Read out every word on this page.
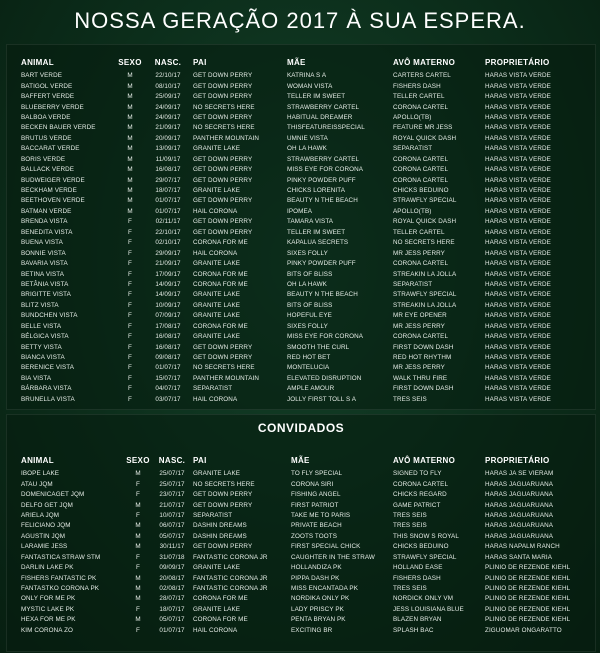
NOSSA GERAÇÃO 2017 À SUA ESPERA.
ANIMAL	SEXO	NASC.	PAI	MÃE	AVÔ MATERNO	PROPRIETÁRIO
BART VERDE	M	22/10/17	GET DOWN PERRY	KATRINA S A	CARTERS CARTEL	HARAS VISTA VERDE
BATIGOL VERDE	M	08/10/17	GET DOWN PERRY	WOMAN VISTA	FISHERS DASH	HARAS VISTA VERDE
BAFFERT VERDE	M	25/09/17	GET DOWN PERRY	TELLER IM SWEET	TELLER CARTEL	HARAS VISTA VERDE
BLUEBERRY VERDE	M	24/09/17	NO SECRETS HERE	STRAWBERRY CARTEL	CORONA CARTEL	HARAS VISTA VERDE
BALBOA VERDE	M	24/09/17	GET DOWN PERRY	HABITUAL DREAMER	APOLLO(TB)	HARAS VISTA VERDE
BECKEN BAUER VERDE	M	21/09/17	NO SECRETS HERE	THISFEATUREISSPECIAL	FEATURE MR JESS	HARAS VISTA VERDE
BRUTUS VERDE	M	20/09/17	PANTHER MOUNTAIN	UMNIE VISTA	ROYAL QUICK DASH	HARAS VISTA VERDE
BACCARAT VERDE	M	13/09/17	GRANITE LAKE	OH LA HAWK	SEPARATIST	HARAS VISTA VERDE
BORIS VERDE	M	11/09/17	GET DOWN PERRY	STRAWBERRY CARTEL	CORONA CARTEL	HARAS VISTA VERDE
BALLACK VERDE	M	16/08/17	GET DOWN PERRY	MISS EYE FOR CORONA	CORONA CARTEL	HARAS VISTA VERDE
BUDWEIGER VERDE	M	29/07/17	GET DOWN PERRY	PINKY POWDER PUFF	CORONA CARTEL	HARAS VISTA VERDE
BECKHAM VERDE	M	18/07/17	GRANITE LAKE	CHICKS LORENITA	CHICKS BEDUINO	HARAS VISTA VERDE
BEETHOVEN VERDE	M	01/07/17	GET DOWN PERRY	BEAUTY N THE BEACH	STRAWFLY SPECIAL	HARAS VISTA VERDE
BATMAN VERDE	M	01/07/17	HAIL CORONA	IPOMEA	APOLLO(TB)	HARAS VISTA VERDE
BRENDA VISTA	F	02/11/17	GET DOWN PERRY	TAMARA VISTA	ROYAL QUICK DASH	HARAS VISTA VERDE
BENEDITA VISTA	F	22/10/17	GET DOWN PERRY	TELLER IM SWEET	TELLER CARTEL	HARAS VISTA VERDE
BUENA VISTA	F	02/10/17	CORONA FOR ME	KAPALUA SECRETS	NO SECRETS HERE	HARAS VISTA VERDE
BONNIE VISTA	F	29/09/17	HAIL CORONA	SIXES FOLLY	MR JESS PERRY	HARAS VISTA VERDE
BAVARIA VISTA	F	21/09/17	GRANITE LAKE	PINKY POWDER PUFF	CORONA CARTEL	HARAS VISTA VERDE
BETINA VISTA	F	17/09/17	CORONA FOR ME	BITS OF BLISS	STREAKIN LA JOLLA	HARAS VISTA VERDE
BETÂNIA VISTA	F	14/09/17	CORONA FOR ME	OH LA HAWK	SEPARATIST	HARAS VISTA VERDE
BRIGITTE VISTA	F	14/09/17	GRANITE LAKE	BEAUTY N THE BEACH	STRAWFLY SPECIAL	HARAS VISTA VERDE
BLITZ VISTA	F	10/09/17	GRANITE LAKE	BITS OF BLISS	STREAKIN LA JOLLA	HARAS VISTA VERDE
BUNDCHEN VISTA	F	07/09/17	GRANITE LAKE	HOPEFUL EYE	MR EYE OPENER	HARAS VISTA VERDE
BELLE VISTA	F	17/08/17	CORONA FOR ME	SIXES FOLLY	MR JESS PERRY	HARAS VISTA VERDE
BÉLGICA VISTA	F	16/08/17	GRANITE LAKE	MISS EYE FOR CORONA	CORONA CARTEL	HARAS VISTA VERDE
BETTY VISTA	F	16/08/17	GET DOWN PERRY	SMOOTH THE CURL	FIRST DOWN DASH	HARAS VISTA VERDE
BIANCA VISTA	F	09/08/17	GET DOWN PERRY	RED HOT BET	RED HOT RHYTHM	HARAS VISTA VERDE
BERENICE VISTA	F	01/07/17	NO SECRETS HERE	MONTELUCIA	MR JESS PERRY	HARAS VISTA VERDE
BIA VISTA	F	15/07/17	PANTHER MOUNTAIN	ELEVATED DISRUPTION	WALK THRU FIRE	HARAS VISTA VERDE
BÁRBARA VISTA	F	04/07/17	SEPARATIST	AMPLE AMOUR	FIRST DOWN DASH	HARAS VISTA VERDE
BRUNELLA VISTA	F	03/07/17	HAIL CORONA	JOLLY FIRST TOLL S A	TRES SEIS	HARAS VISTA VERDE
CONVIDADOS
ANIMAL	SEXO	NASC.	PAI	MÃE	AVÔ MATERNO	PROPRIETÁRIO
IBOPE LAKE	M	25/07/17	GRANITE LAKE	TO FLY SPECIAL	SIGNED TO FLY	HARAS JA SE VIERAM
ATAU JQM	F	25/07/17	NO SECRETS HERE	CORONA SIRI	CORONA CARTEL	HARAS JAGUARUANA
DOMENICAGET JQM	F	23/07/17	GET DOWN PERRY	FISHING ANGEL	CHICKS REGARD	HARAS JAGUARUANA
DELFO GET JQM	M	21/07/17	GET DOWN PERRY	FIRST PATRIOT	GAME PATRICT	HARAS JAGUARUANA
ARIELA JQM	F	10/07/17	SEPARATIST	TAKE ME TO PARIS	TRES SEIS	HARAS JAGUARUANA
FELICIANO JQM	M	06/07/17	DASHIN DREAMS	PRIVATE BEACH	TRES SEIS	HARAS JAGUARUANA
AGUSTIN JQM	M	05/07/17	DASHIN DREAMS	ZOOTS TOOTS	THIS SNOW S ROYAL	HARAS JAGUARUANA
LARAMIE JESS	M	30/11/17	GET DOWN PERRY	FIRST SPECIAL CHICK	CHICKS BEDUINO	HARAS NAPALM RANCH
FANTASTICA STRAW STM	F	31/07/18	FANTASTIC CORONA JR	CAUGHTER IN THE STRAW	STRAWFLY SPECIAL	HARAS SANTA MARIA
DARLIN LAKE PK	F	09/09/17	GRANITE LAKE	HOLLANDIZA PK	HOLLAND EASE	PLINIO DE REZENDE KIEHL
FISHERS FANTASTIC PK	M	20/08/17	FANTASTIC CORONA JR	PIPPA DASH PK	FISHERS DASH	PLINIO DE REZENDE KIEHL
FANTASTKO CORONA PK	M	02/08/17	FANTASTIC CORONA JR	MISS ENCANTADA PK	TRES SEIS	PLINIO DE REZENDE KIEHL
ONLY FOR ME PK	M	28/07/17	CORONA FOR ME	NORDIKA ONLY PK	NORDICK ONLY VM	PLINIO DE REZENDE KIEHL
MYSTIC LAKE PK	F	18/07/17	GRANITE LAKE	LADY PRISCY PK	JESS LOUISIANA BLUE	PLINIO DE REZENDE KIEHL
HEXA FOR ME PK	M	05/07/17	CORONA FOR ME	PENTA BRYAN PK	BLAZEN BRYAN	PLINIO DE REZENDE KIEHL
KIM CORONA ZO	F	01/07/17	HAIL CORONA	EXCITING BR	SPLASH BAC	ZIGUOMAR ONGARATTO
